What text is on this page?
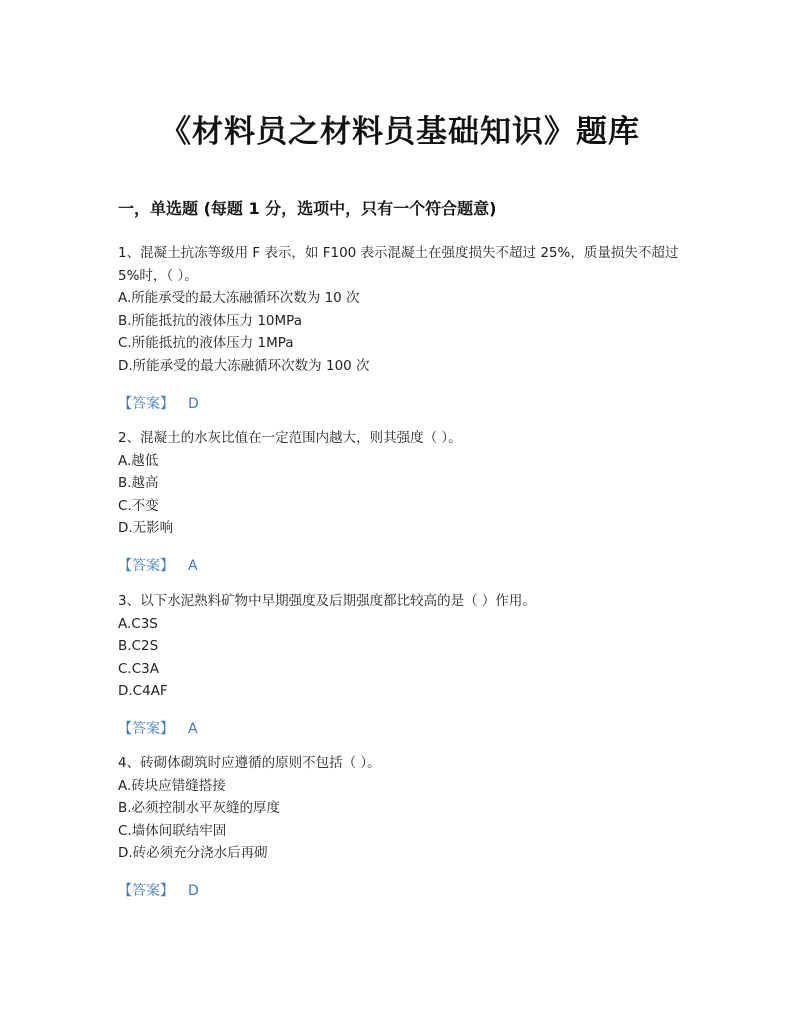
《材料员之材料员基础知识》题库
一，单选题 (每题 1 分，选项中，只有一个符合题意)

1、混凝土抗冻等级用 F 表示，如 F100 表示混凝土在强度损失不超过 25%，质量损失不超过 5%时，（ ）。

A.所能承受的最大冻融循环次数为 10 次

B.所能抵抗的液体压力 10MPa

C.所能抵抗的液体压力 1MPa

D.所能承受的最大冻融循环次数为 100 次

【答案】 D

2、混凝土的水灰比值在一定范围内越大，则其强度（ ）。

A.越低

B.越高

C.不变

D.无影响

【答案】 A

3、以下水泥熟料矿物中早期强度及后期强度都比较高的是（ ）作用。

A.C3S

B.C2S

C.C3A

D.C4AF

【答案】 A

4、砖砌体砌筑时应遵循的原则不包括（ ）。

A.砖块应错缝搭接

B.必须控制水平灰缝的厚度

C.墙体间联结牢固

D.砖必须充分浇水后再砌

【答案】 D
